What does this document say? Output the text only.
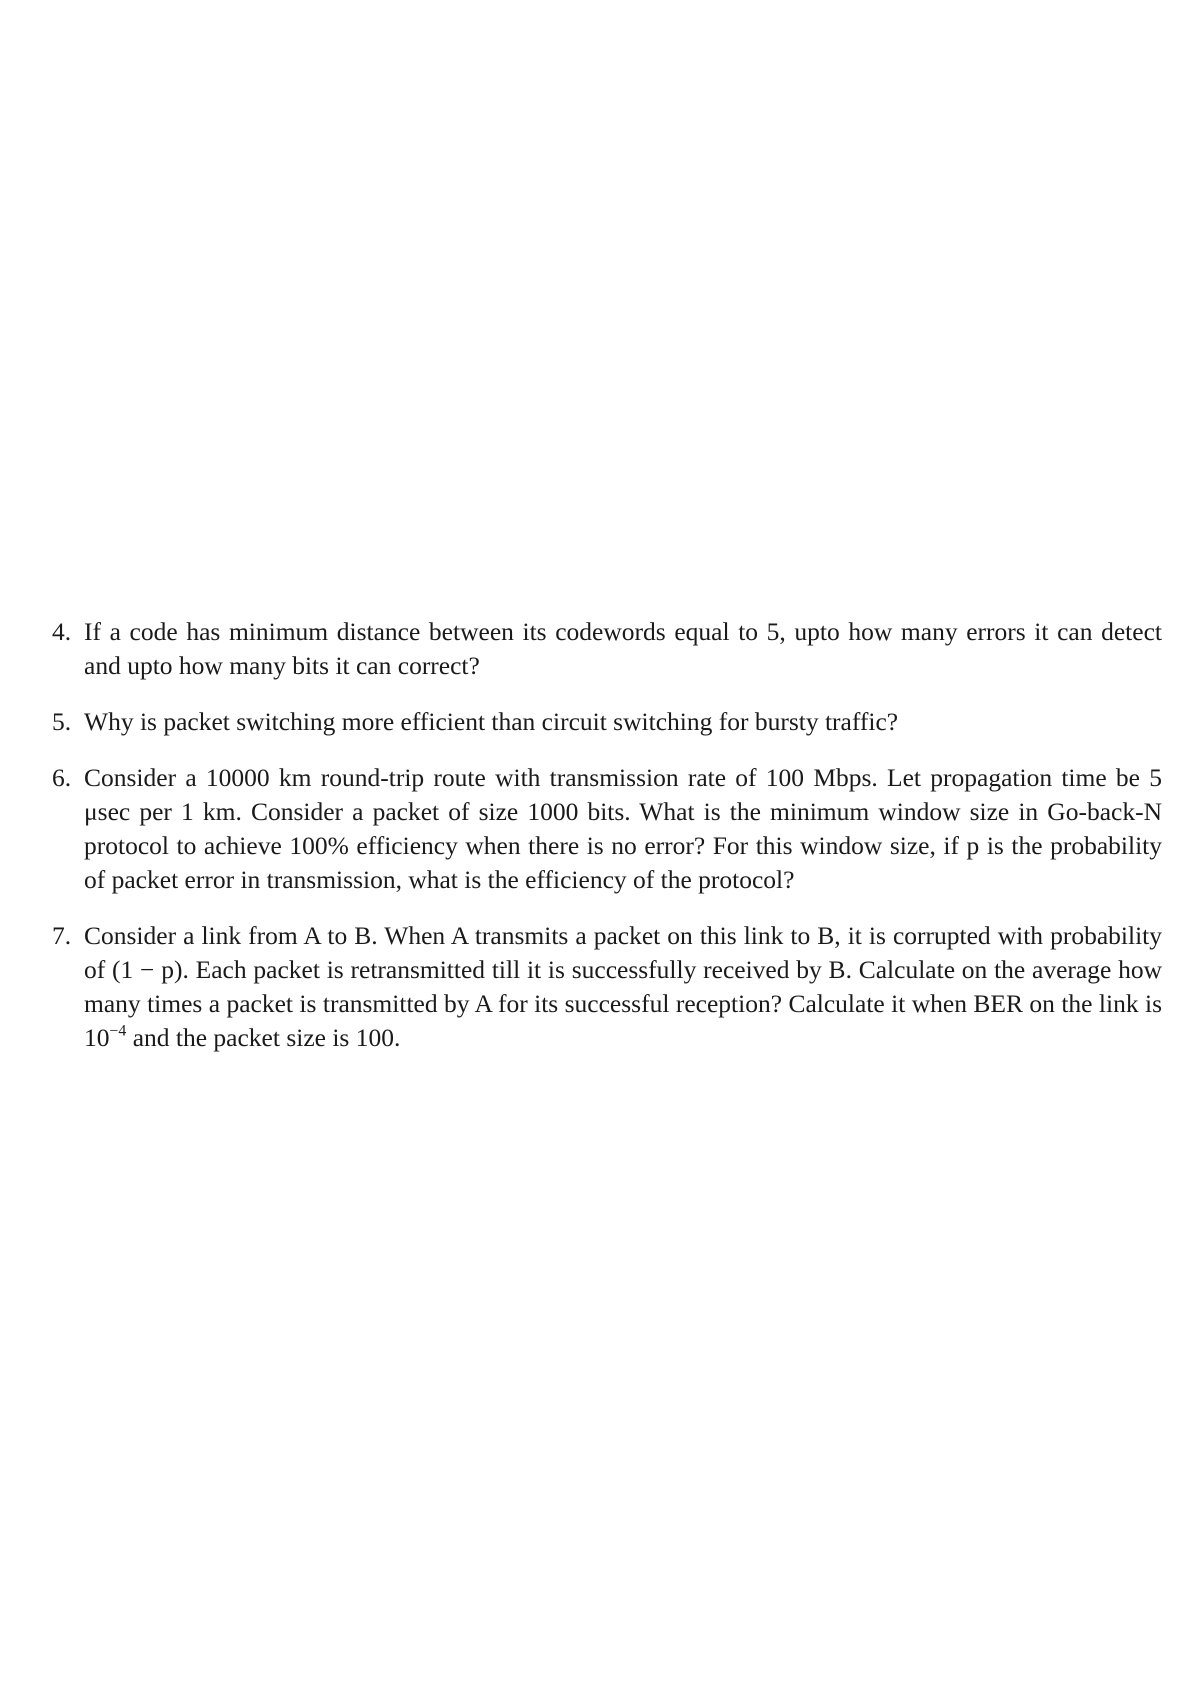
4. If a code has minimum distance between its codewords equal to 5, upto how many errors it can detect and upto how many bits it can correct?
5. Why is packet switching more efficient than circuit switching for bursty traffic?
6. Consider a 10000 km round-trip route with transmission rate of 100 Mbps. Let propagation time be 5 μsec per 1 km. Consider a packet of size 1000 bits. What is the minimum window size in Go-back-N protocol to achieve 100% efficiency when there is no error? For this window size, if p is the probability of packet error in transmission, what is the efficiency of the protocol?
7. Consider a link from A to B. When A transmits a packet on this link to B, it is corrupted with probability of (1 − p). Each packet is retransmitted till it is successfully received by B. Calculate on the average how many times a packet is transmitted by A for its successful reception? Calculate it when BER on the link is $10^{-4}$ and the packet size is 100.
